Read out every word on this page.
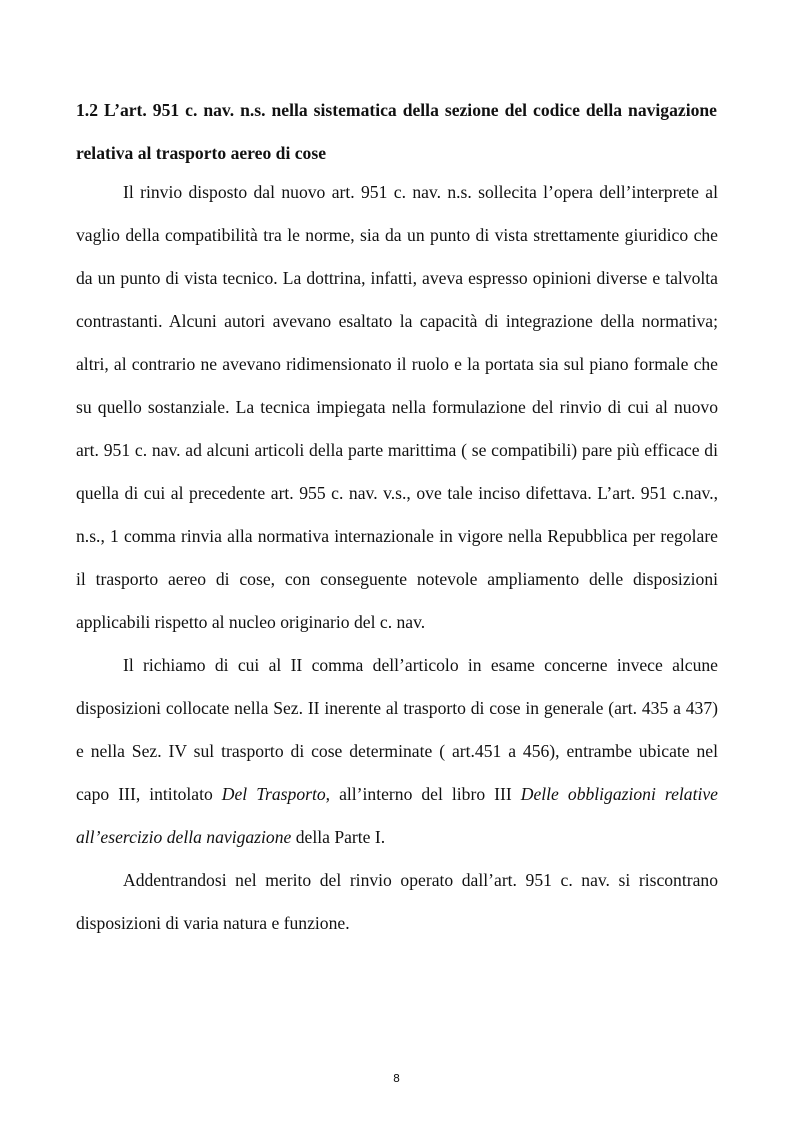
1.2 L’art. 951 c. nav. n.s. nella sistematica della sezione del codice della navigazione relativa al trasporto aereo di cose

Il rinvio disposto dal nuovo art. 951 c. nav. n.s. sollecita l’opera dell’interprete al vaglio della compatibilità tra le norme, sia da un punto di vista strettamente giuridico che da un punto di vista tecnico. La dottrina, infatti, aveva espresso opinioni diverse e talvolta contrastanti. Alcuni autori avevano esaltato la capacità di integrazione della normativa; altri, al contrario ne avevano ridimensionato il ruolo e la portata sia sul piano formale che su quello sostanziale. La tecnica impiegata nella formulazione del rinvio di cui al nuovo art. 951 c. nav. ad alcuni articoli della parte marittima ( se compatibili) pare più efficace di quella di cui al precedente art. 955 c. nav. v.s., ove tale inciso difettava. L’art. 951 c.nav., n.s., 1 comma rinvia alla normativa internazionale in vigore nella Repubblica per regolare il trasporto aereo di cose, con conseguente notevole ampliamento delle disposizioni applicabili rispetto al nucleo originario del c. nav.

Il richiamo di cui al II comma dell’articolo in esame concerne invece alcune disposizioni collocate nella Sez. II inerente al trasporto di cose in generale (art. 435 a 437) e nella Sez. IV sul trasporto di cose determinate ( art.451 a 456), entrambe ubicate nel capo III, intitolato Del Trasporto, all’interno del libro III Delle obbligazioni relative all’esercizio della navigazione della Parte I.

Addentrandosi nel merito del rinvio operato dall’art. 951 c. nav. si riscontrano disposizioni di varia natura e funzione.

8
